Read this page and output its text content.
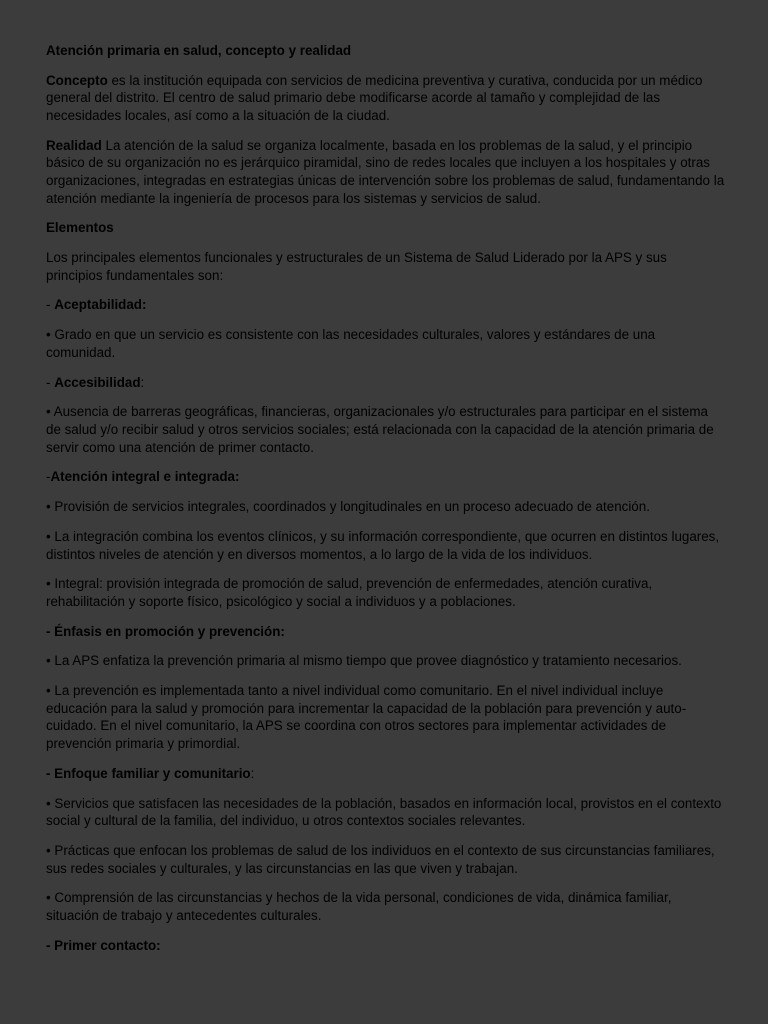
Atención primaria en salud, concepto y realidad

Concepto es la institución equipada con servicios de medicina preventiva y curativa, conducida por un médico general del distrito. El centro de salud primario debe modificarse acorde al tamaño y complejidad de las necesidades locales, así como a la situación de la ciudad.

Realidad La atención de la salud se organiza localmente, basada en los problemas de la salud, y el principio básico de su organización no es jerárquico piramidal, sino de redes locales que incluyen a los hospitales y otras organizaciones, integradas en estrategias únicas de intervención sobre los problemas de salud, fundamentando la atención mediante la ingeniería de procesos para los sistemas y servicios de salud.

Elementos

Los principales elementos funcionales y estructurales de un Sistema de Salud Liderado por la APS y sus principios fundamentales son:

- Aceptabilidad:

• Grado en que un servicio es consistente con las necesidades culturales, valores y estándares de una comunidad.

- Accesibilidad:

• Ausencia de barreras geográficas, financieras, organizacionales y/o estructurales para participar en el sistema de salud y/o recibir salud y otros servicios sociales; está relacionada con la capacidad de la atención primaria de servir como una atención de primer contacto.

-Atención integral e integrada:

• Provisión de servicios integrales, coordinados y longitudinales en un proceso adecuado de atención.

• La integración combina los eventos clínicos, y su información correspondiente, que ocurren en distintos lugares, distintos niveles de atención y en diversos momentos, a lo largo de la vida de los individuos.

• Integral: provisión integrada de promoción de salud, prevención de enfermedades, atención curativa, rehabilitación y soporte físico, psicológico y social a individuos y a poblaciones.

- Énfasis en promoción y prevención:

• La APS enfatiza la prevención primaria al mismo tiempo que provee diagnóstico y tratamiento necesarios.

• La prevención es implementada tanto a nivel individual como comunitario. En el nivel individual incluye educación para la salud y promoción para incrementar la capacidad de la población para prevención y auto-cuidado. En el nivel comunitario, la APS se coordina con otros sectores para implementar actividades de prevención primaria y primordial.

- Enfoque familiar y comunitario:

• Servicios que satisfacen las necesidades de la población, basados en información local, provistos en el contexto social y cultural de la familia, del individuo, u otros contextos sociales relevantes.

• Prácticas que enfocan los problemas de salud de los individuos en el contexto de sus circunstancias familiares, sus redes sociales y culturales, y las circunstancias en las que viven y trabajan.

• Comprensión de las circunstancias y hechos de la vida personal, condiciones de vida, dinámica familiar, situación de trabajo y antecedentes culturales.

- Primer contacto:
